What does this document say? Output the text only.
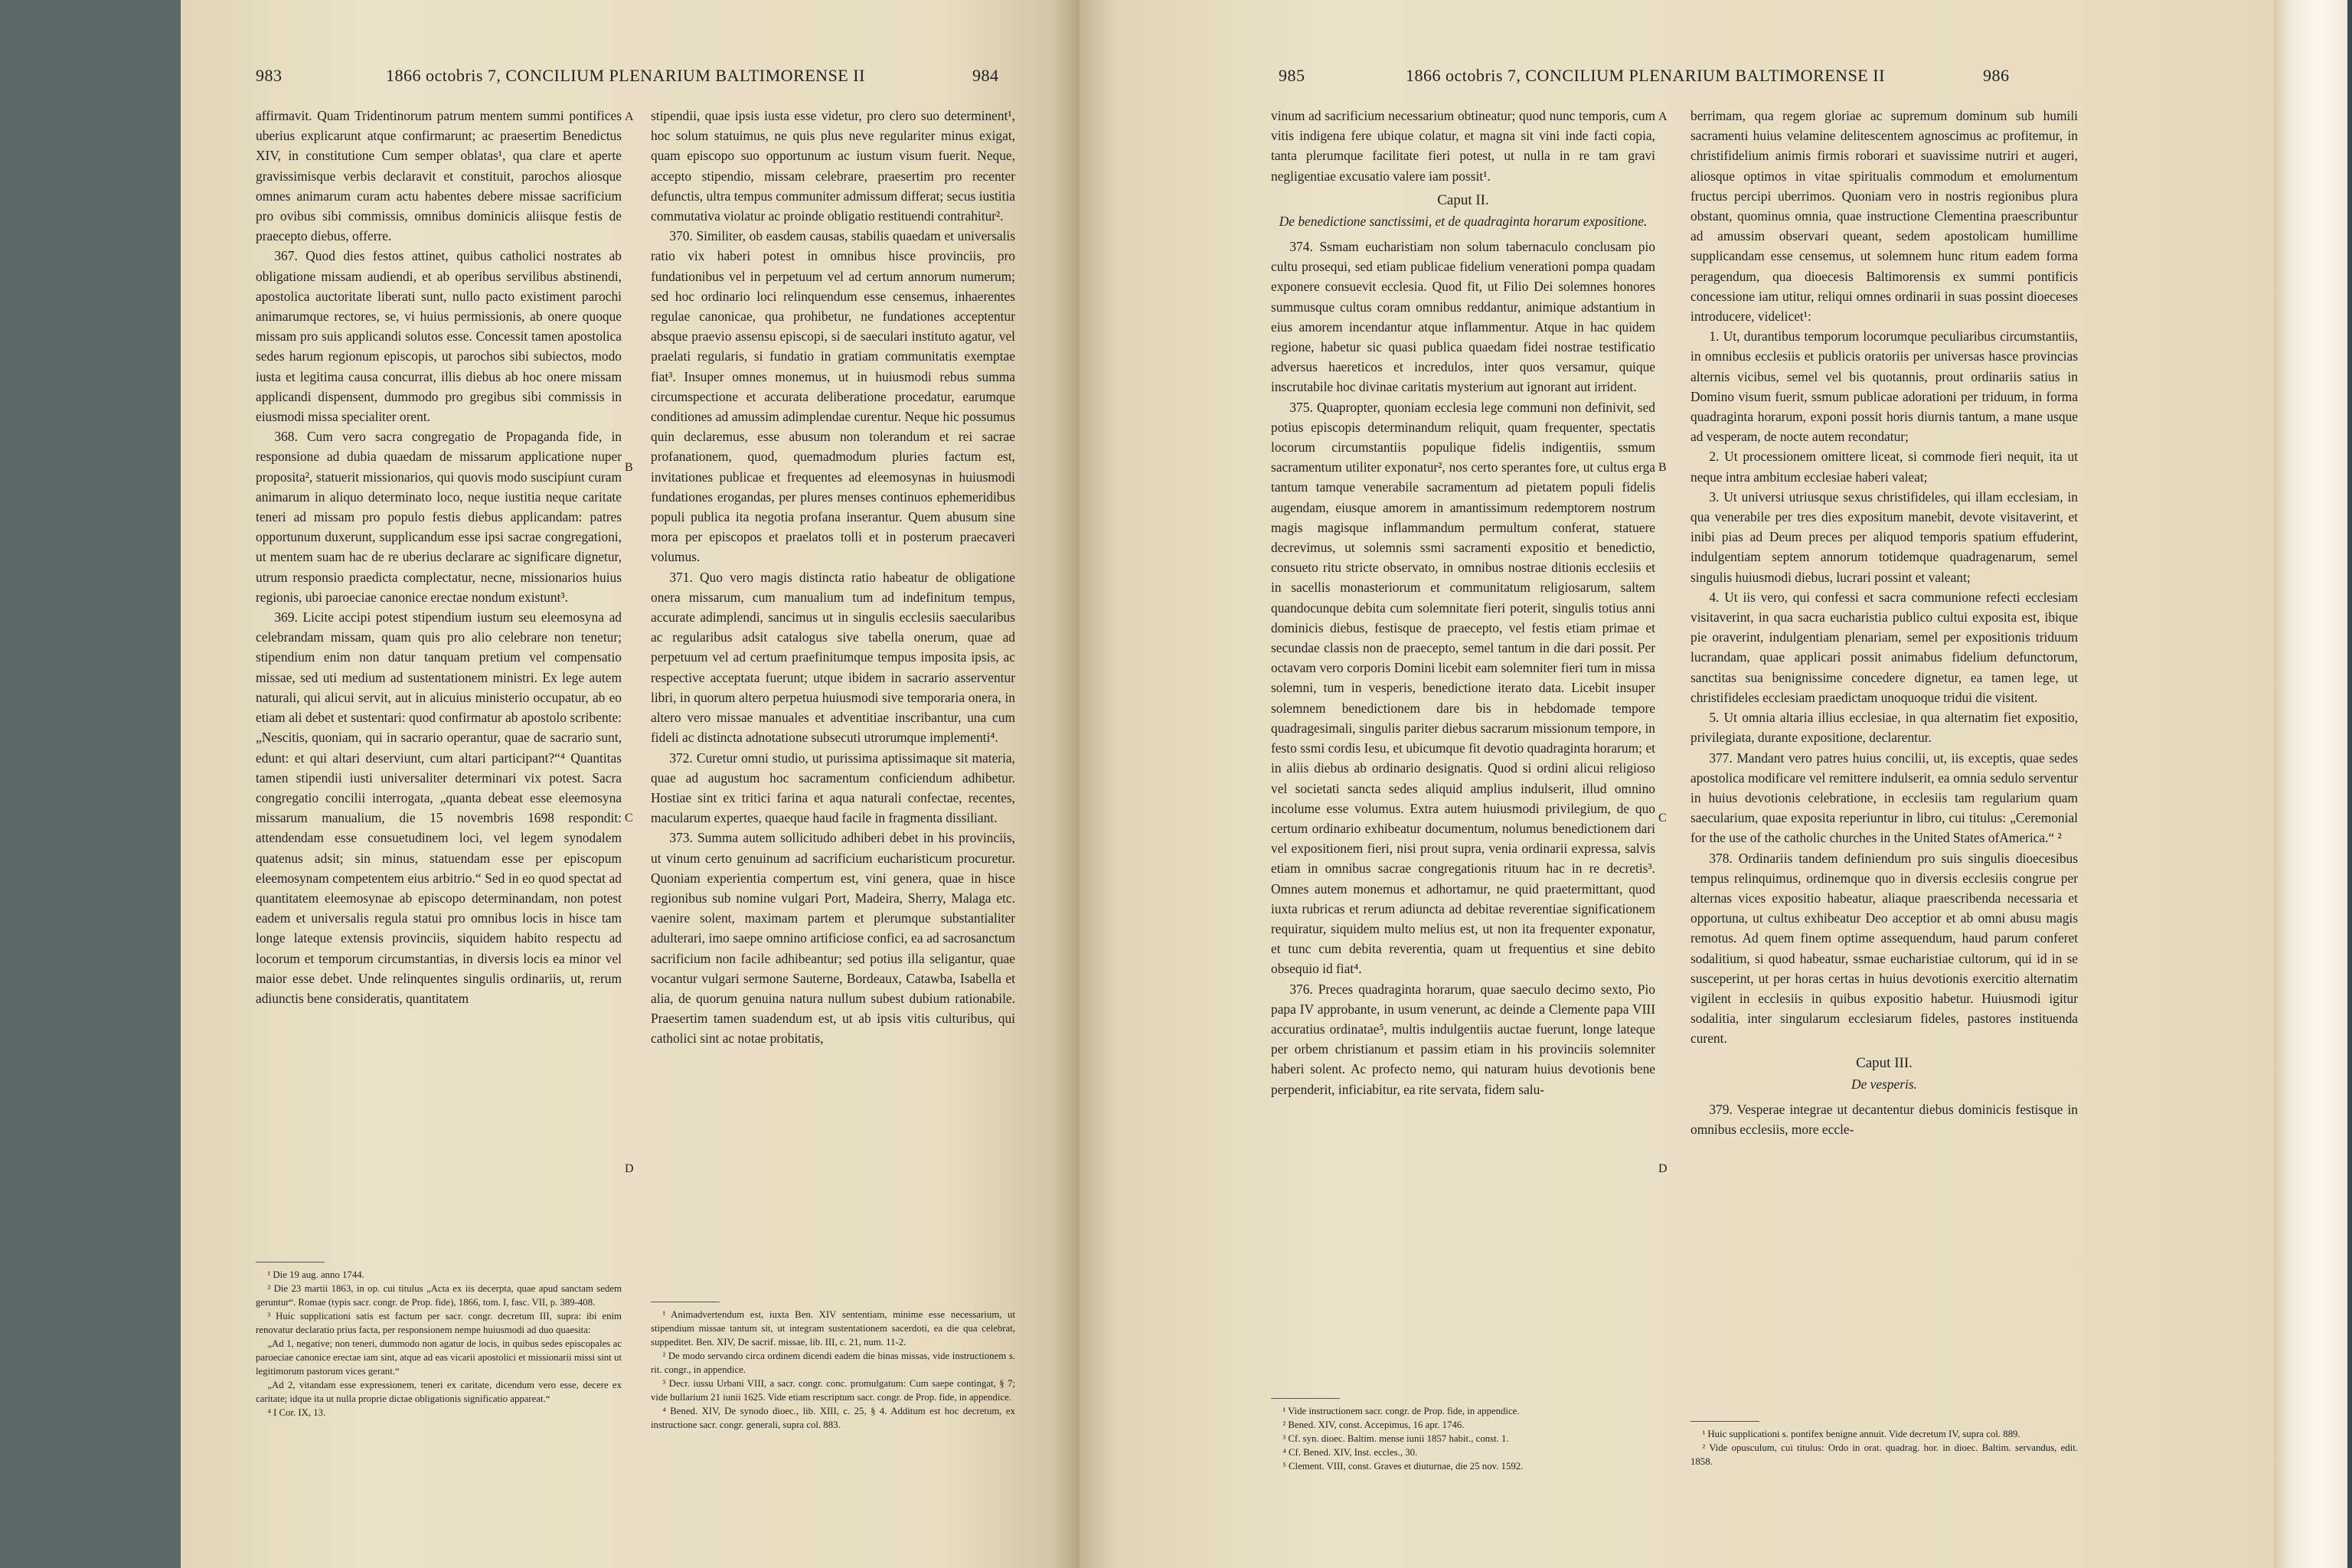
983	1866 octobris 7, CONCILIUM PLENARIUM BALTIMORENSE II	984

affirmavit. Quam Tridentinorum patrum mentem summi pontifices uberius explicarunt atque confirmarunt; ac praesertim Benedictus XIV, in constitutione Cum semper oblatas¹, qua clare et aperte gravissimisque verbis declaravit et constituit, parochos aliosque omnes animarum curam actu habentes debere missae sacrificium pro ovibus sibi commissis, omnibus dominicis aliisque festis de praecepto diebus, offerre.

367. Quod dies festos attinet, quibus catholici nostrates ab obligatione missam audiendi, et ab operibus servilibus abstinendi, apostolica auctoritate liberati sunt, nullo pacto existiment parochi animarumque rectores, se, vi huius permissionis, ab onere quoque missam pro suis applicandi solutos esse. Concessit tamen apostolica sedes harum regionum episcopis, ut parochos sibi subiectos, modo iusta et legitima causa concurrat, illis diebus ab hoc onere missam applicandi dispensent, dummodo pro gregibus sibi commissis in eiusmodi missa specialiter orent.

368. Cum vero sacra congregatio de Propaganda fide, in responsione ad dubia quaedam de missarum applicatione nuper proposita², statuerit missionarios, qui quovis modo suscipiunt curam animarum in aliquo determinato loco, neque iustitia neque caritate teneri ad missam pro populo festis diebus applicandam: patres opportunum duxerunt, supplicandum esse ipsi sacrae congregationi, ut mentem suam hac de re uberius declarare ac significare dignetur, utrum responsio praedicta complectatur, necne, missionarios huius regionis, ubi paroeciae canonice erectae nondum existunt³.

369. Licite accipi potest stipendium iustum seu eleemosyna ad celebrandam missam, quam quis pro alio celebrare non tenetur; stipendium enim non datur tanquam pretium vel compensatio missae, sed uti medium ad sustentationem ministri. Ex lege autem naturali, qui alicui servit, aut in alicuius ministerio occupatur, ab eo etiam ali debet et sustentari: quod confirmatur ab apostolo scribente: „Nescitis, quoniam, qui in sacrario operantur, quae de sacrario sunt, edunt: et qui altari deserviunt, cum altari participant?“⁴ Quantitas tamen stipendii iusti universaliter determinari vix potest. Sacra congregatio concilii interrogata, „quanta debeat esse eleemosyna missarum manualium, die 15 novembris 1698 respondit: attendendam esse consuetudinem loci, vel legem synodalem quatenus adsit; sin minus, statuendam esse per episcopum eleemosynam competentem eius arbitrio.“ Sed in eo quod spectat ad quantitatem eleemosynae ab episcopo determinandam, non potest eadem et universalis regula statui pro omnibus locis in hisce tam longe lateque extensis provinciis, siquidem habito respectu ad locorum et temporum circumstantias, in diversis locis ea minor vel maior esse debet. Unde relinquentes singulis ordinariis, ut, rerum adiunctis bene consideratis, quantitatem

stipendii, quae ipsis iusta esse videtur, pro clero suo determinent¹, hoc solum statuimus, ne quis plus neve regulariter minus exigat, quam episcopo suo opportunum ac iustum visum fuerit. Neque, accepto stipendio, missam celebrare, praesertim pro recenter defunctis, ultra tempus communiter admissum differat; secus iustitia commutativa violatur ac proinde obligatio restituendi contrahitur².

370. Similiter, ob easdem causas, stabilis quaedam et universalis ratio vix haberi potest in omnibus hisce provinciis, pro fundationibus vel in perpetuum vel ad certum annorum numerum; sed hoc ordinario loci relinquendum esse censemus, inhaerentes regulae canonicae, qua prohibetur, ne fundationes acceptentur absque praevio assensu episcopi, si de saeculari instituto agatur, vel praelati regularis, si fundatio in gratiam communitatis exemptae fiat³. Insuper omnes monemus, ut in huiusmodi rebus summa circumspectione et accurata deliberatione procedatur, earumque conditiones ad amussim adimplendae curentur. Neque hic possumus quin declaremus, esse abusum non tolerandum et rei sacrae profanationem, quod, quemadmodum pluries factum est, invitationes publicae et frequentes ad eleemosynas in huiusmodi fundationes erogandas, per plures menses continuos ephemeridibus populi publica ita negotia profana inserantur. Quem abusum sine mora per episcopos et praelatos tolli et in posterum praecaveri volumus.

371. Quo vero magis distincta ratio habeatur de obligatione onera missarum, cum manualium tum ad indefinitum tempus, accurate adimplendi, sancimus ut in singulis ecclesiis saecularibus ac regularibus adsit catalogus sive tabella onerum, quae ad perpetuum vel ad certum praefinitumque tempus imposita ipsis, ac respective acceptata fuerunt; utque ibidem in sacrario asserventur libri, in quorum altero perpetua huiusmodi sive temporaria onera, in altero vero missae manuales et adventitiae inscribantur, una cum fideli ac distincta adnotatione subsecuti utrorumque implementi⁴.

372. Curetur omni studio, ut purissima aptissimaque sit materia, quae ad augustum hoc sacramentum conficiendum adhibetur. Hostiae sint ex tritici farina et aqua naturali confectae, recentes, macularum expertes, quaeque haud facile in fragmenta dissiliant.

373. Summa autem sollicitudo adhiberi debet in his provinciis, ut vinum certo genuinum ad sacrificium eucharisticum procuretur. Quoniam experientia compertum est, vini genera, quae in hisce regionibus sub nomine vulgari Port, Madeira, Sherry, Malaga etc. vaenire solent, maximam partem et plerumque substantialiter adulterari, imo saepe omnino artificiose confici, ea ad sacrosanctum sacrificium non facile adhibeantur; sed potius illa seligantur, quae vocantur vulgari sermone Sauterne, Bordeaux, Catawba, Isabella et alia, de quorum genuina natura nullum subest dubium rationabile. Praesertim tamen suadendum est, ut ab ipsis vitis culturibus, qui catholici sint ac notae probitatis,

A
B
C
D

¹ Die 19 aug. anno 1744.

² Die 23 martii 1863, in op. cui titulus „Acta ex iis decerpta, quae apud sanctam sedem geruntur“. Romae (typis sacr. congr. de Prop. fide), 1866, tom. I, fasc. VII, p. 389-408.

³ Huic supplicationi satis est factum per sacr. congr. decretum III, supra: ibi enim renovatur declaratio prius facta, per responsionem nempe huiusmodi ad duo quaesita:

„Ad 1, negative; non teneri, dummodo non agatur de locis, in quibus sedes episcopales ac paroeciae canonice erectae iam sint, atque ad eas vicarii apostolici et missionarii missi sint ut legitimorum pastorum vices gerant.“

„Ad 2, vitandam esse expressionem, teneri ex caritate, dicendum vero esse, decere ex caritate; idque ita ut nulla proprie dictae obligationis significatio appareat.“

⁴ I Cor. IX, 13.

¹ Animadvertendum est, iuxta Ben. XIV sententiam, minime esse necessarium, ut stipendium missae tantum sit, ut integram sustentationem sacerdoti, ea die qua celebrat, suppeditet. Ben. XIV, De sacrif. missae, lib. III, c. 21, num. 11-2.

² De modo servando circa ordinem dicendi eadem die binas missas, vide instructionem s. rit. congr., in appendice.

³ Decr. iussu Urbani VIII, a sacr. congr. conc. promulgatum: Cum saepe contingat, § 7; vide bullarium 21 iunii 1625. Vide etiam rescriptum sacr. congr. de Prop. fide, in appendice.

⁴ Bened. XIV, De synodo dioec., lib. XIII, c. 25, § 4. Additum est hoc decretum, ex instructione sacr. congr. generali, supra col. 883.

985	1866 octobris 7, CONCILIUM PLENARIUM BALTIMORENSE II	986

vinum ad sacrificium necessarium obtineatur; quod nunc temporis, cum vitis indigena fere ubique colatur, et magna sit vini inde facti copia, tanta plerumque facilitate fieri potest, ut nulla in re tam gravi negligentiae excusatio valere iam possit¹.

Caput II.
De benedictione sanctissimi, et de quadraginta horarum expositione.

374. Ssmam eucharistiam non solum tabernaculo conclusam pio cultu prosequi, sed etiam publicae fidelium venerationi pompa quadam exponere consuevit ecclesia. Quod fit, ut Filio Dei solemnes honores summusque cultus coram omnibus reddantur, animique adstantium in eius amorem incendantur atque inflammentur. Atque in hac quidem regione, habetur sic quasi publica quaedam fidei nostrae testificatio adversus haereticos et incredulos, inter quos versamur, quique inscrutabile hoc divinae caritatis mysterium aut ignorant aut irrident.

375. Quapropter, quoniam ecclesia lege communi non definivit, sed potius episcopis determinandum reliquit, quam frequenter, spectatis locorum circumstantiis populique fidelis indigentiis, ssmum sacramentum utiliter exponatur², nos certo sperantes fore, ut cultus erga tantum tamque venerabile sacramentum ad pietatem populi fidelis augendam, eiusque amorem in amantissimum redemptorem nostrum magis magisque inflammandum permultum conferat, statuere decrevimus, ut solemnis ssmi sacramenti expositio et benedictio, consueto ritu stricte observato, in omnibus nostrae ditionis ecclesiis et in sacellis monasteriorum et communitatum religiosarum, saltem quandocunque debita cum solemnitate fieri poterit, singulis totius anni dominicis diebus, festisque de praecepto, vel festis etiam primae et secundae classis non de praecepto, semel tantum in die dari possit. Per octavam vero corporis Domini licebit eam solemniter fieri tum in missa solemni, tum in vesperis, benedictione iterato data. Licebit insuper solemnem benedictionem dare bis in hebdomade tempore quadragesimali, singulis pariter diebus sacrarum missionum tempore, in festo ssmi cordis Iesu, et ubicumque fit devotio quadraginta horarum; et in aliis diebus ab ordinario designatis. Quod si ordini alicui religioso vel societati sancta sedes aliquid amplius indulserit, illud omnino incolume esse volumus. Extra autem huiusmodi privilegium, de quo certum ordinario exhibeatur documentum, nolumus benedictionem dari vel expositionem fieri, nisi prout supra, venia ordinarii expressa, salvis etiam in omnibus sacrae congregationis rituum hac in re decretis³. Omnes autem monemus et adhortamur, ne quid praetermittant, quod iuxta rubricas et rerum adiuncta ad debitae reverentiae significationem requiratur, siquidem multo melius est, ut non ita frequenter exponatur, et tunc cum debita reverentia, quam ut frequentius et sine debito obsequio id fiat⁴.

376. Preces quadraginta horarum, quae saeculo decimo sexto, Pio papa IV approbante, in usum venerunt, ac deinde a Clemente papa VIII accuratius ordinatae⁵, multis indulgentiis auctae fuerunt, longe lateque per orbem christianum et passim etiam in his provinciis solemniter haberi solent. Ac profecto nemo, qui naturam huius devotionis bene perpenderit, inficiabitur, ea rite servata, fidem salu-

berrimam, qua regem gloriae ac supremum dominum sub humili sacramenti huius velamine delitescentem agnoscimus ac profitemur, in christifidelium animis firmis roborari et suavissime nutriri et augeri, aliosque optimos in vitae spiritualis commodum et emolumentum fructus percipi uberrimos. Quoniam vero in nostris regionibus plura obstant, quominus omnia, quae instructione Clementina praescribuntur ad amussim observari queant, sedem apostolicam humillime supplicandam esse censemus, ut solemnem hunc ritum eadem forma peragendum, qua dioecesis Baltimorensis ex summi pontificis concessione iam utitur, reliqui omnes ordinarii in suas possint dioeceses introducere, videlicet¹:

1. Ut, durantibus temporum locorumque peculiaribus circumstantiis, in omnibus ecclesiis et publicis oratoriis per universas hasce provincias alternis vicibus, semel vel bis quotannis, prout ordinariis satius in Domino visum fuerit, ssmum publicae adorationi per triduum, in forma quadraginta horarum, exponi possit horis diurnis tantum, a mane usque ad vesperam, de nocte autem recondatur;

2. Ut processionem omittere liceat, si commode fieri nequit, ita ut neque intra ambitum ecclesiae haberi valeat;

3. Ut universi utriusque sexus christifideles, qui illam ecclesiam, in qua venerabile per tres dies expositum manebit, devote visitaverint, et inibi pias ad Deum preces per aliquod temporis spatium effuderint, indulgentiam septem annorum totidemque quadragenarum, semel singulis huiusmodi diebus, lucrari possint et valeant;

4. Ut iis vero, qui confessi et sacra communione refecti ecclesiam visitaverint, in qua sacra eucharistia publico cultui exposita est, ibique pie oraverint, indulgentiam plenariam, semel per expositionis triduum lucrandam, quae applicari possit animabus fidelium defunctorum, sanctitas sua benignissime concedere dignetur, ea tamen lege, ut christifideles ecclesiam praedictam unoquoque tridui die visitent.

5. Ut omnia altaria illius ecclesiae, in qua alternatim fiet expositio, privilegiata, durante expositione, declarentur.

377. Mandant vero patres huius concilii, ut, iis exceptis, quae sedes apostolica modificare vel remittere indulserit, ea omnia sedulo serventur in huius devotionis celebratione, in ecclesiis tam regularium quam saecularium, quae exposita reperiuntur in libro, cui titulus: „Ceremonial for the use of the catholic churches in the United States ofAmerica.“ ²

378. Ordinariis tandem definiendum pro suis singulis dioecesibus tempus relinquimus, ordinemque quo in diversis ecclesiis congrue per alternas vices expositio habeatur, aliaque praescribenda necessaria et opportuna, ut cultus exhibeatur Deo acceptior et ab omni abusu magis remotus. Ad quem finem optime assequendum, haud parum conferet sodalitium, si quod habeatur, ssmae eucharistiae cultorum, qui id in se susceperint, ut per horas certas in huius devotionis exercitio alternatim vigilent in ecclesiis in quibus expositio habetur. Huiusmodi igitur sodalitia, inter singularum ecclesiarum fideles, pastores instituenda curent.

Caput III.
De vesperis.

379. Vesperae integrae ut decantentur diebus dominicis festisque in omnibus ecclesiis, more eccle-

A
B
C
D

¹ Vide instructionem sacr. congr. de Prop. fide, in appendice.

² Bened. XIV, const. Accepimus, 16 apr. 1746.

³ Cf. syn. dioec. Baltim. mense iunii 1857 habit., const. 1.

⁴ Cf. Bened. XIV, Inst. eccles., 30.

⁵ Clement. VIII, const. Graves et diuturnae, die 25 nov. 1592.

¹ Huic supplicationi s. pontifex benigne annuit. Vide decretum IV, supra col. 889.

² Vide opusculum, cui titulus: Ordo in orat. quadrag. hor. in dioec. Baltim. servandus, edit. 1858.
